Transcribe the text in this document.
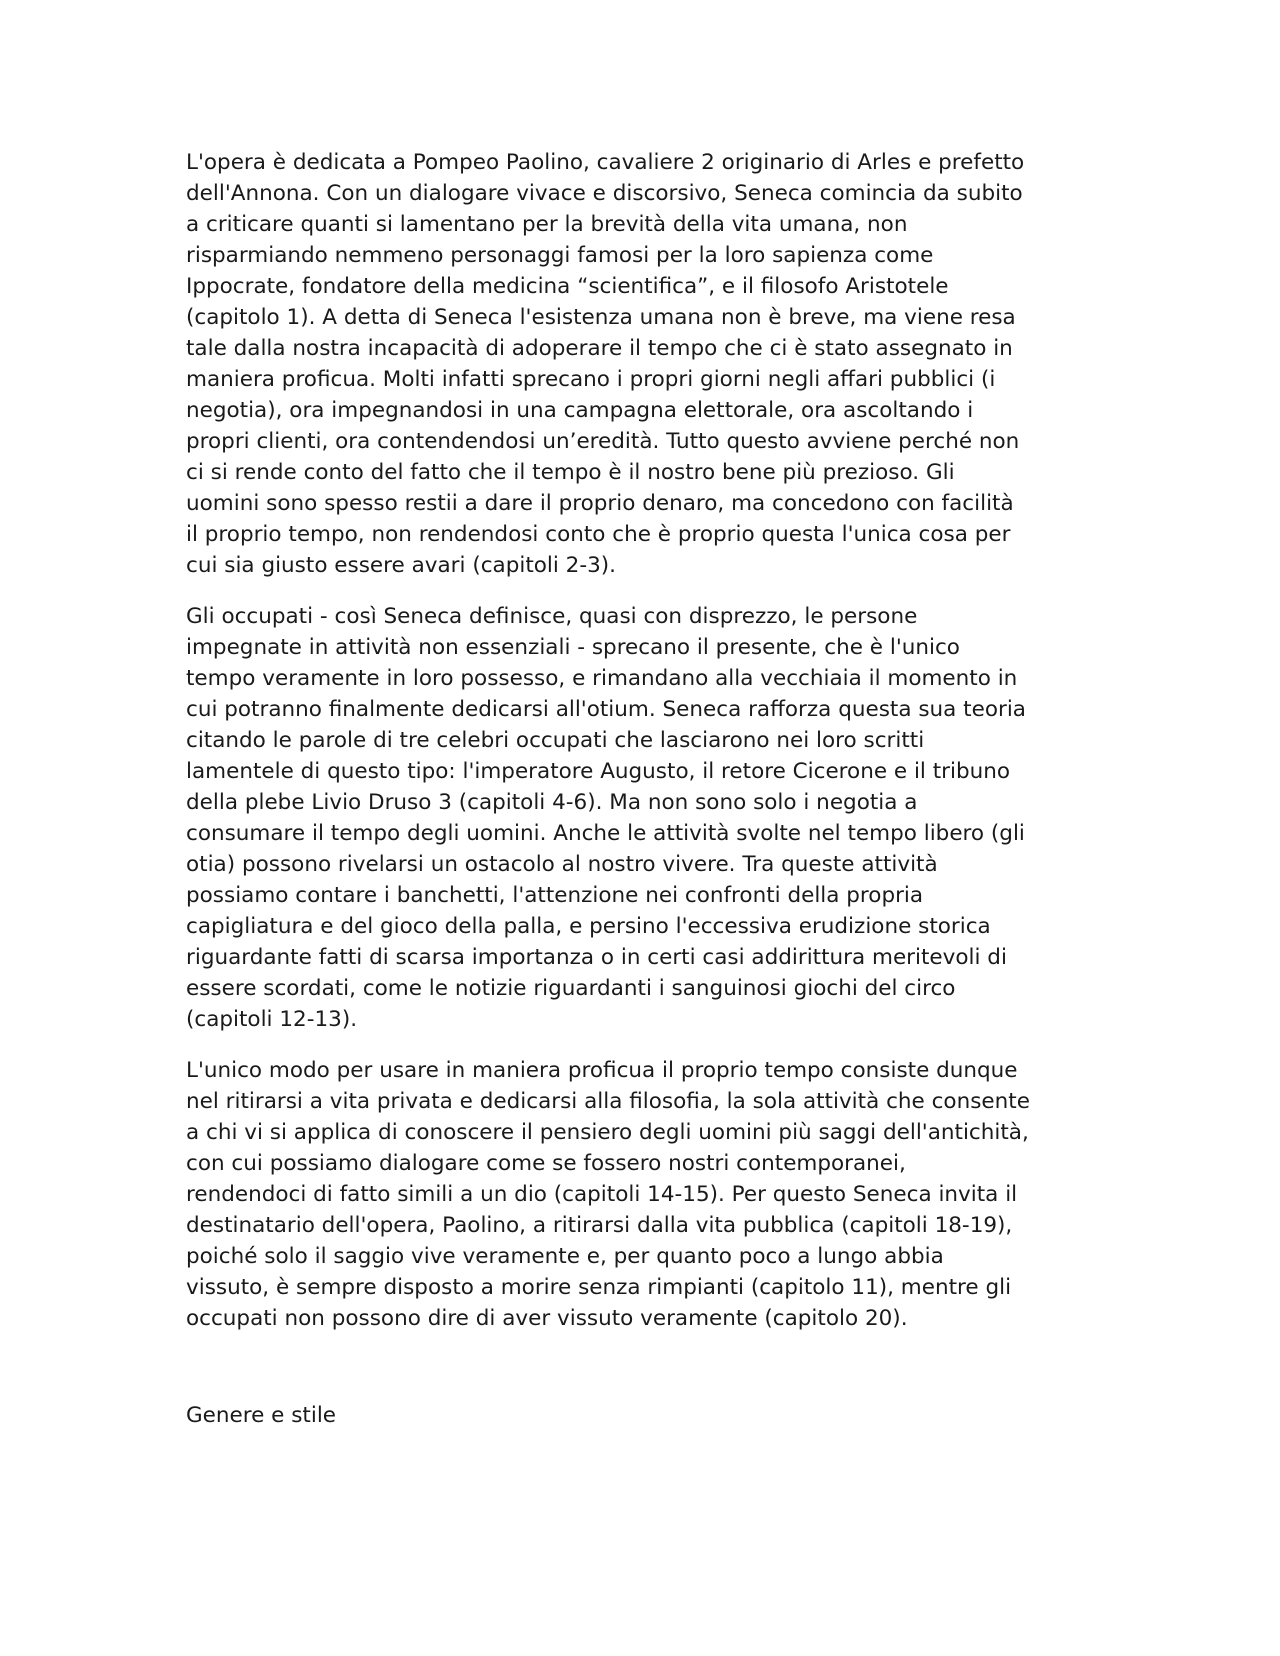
L'opera è dedicata a Pompeo Paolino, cavaliere 2 originario di Arles e prefetto
dell'Annona. Con un dialogare vivace e discorsivo, Seneca comincia da subito
a criticare quanti si lamentano per la brevità della vita umana, non
risparmiando nemmeno personaggi famosi per la loro sapienza come
Ippocrate, fondatore della medicina “scientifica”, e il filosofo Aristotele
(capitolo 1). A detta di Seneca l'esistenza umana non è breve, ma viene resa
tale dalla nostra incapacità di adoperare il tempo che ci è stato assegnato in
maniera proficua. Molti infatti sprecano i propri giorni negli affari pubblici (i
negotia), ora impegnandosi in una campagna elettorale, ora ascoltando i
propri clienti, ora contendendosi un’eredità. Tutto questo avviene perché non
ci si rende conto del fatto che il tempo è il nostro bene più prezioso. Gli
uomini sono spesso restii a dare il proprio denaro, ma concedono con facilità
il proprio tempo, non rendendosi conto che è proprio questa l'unica cosa per
cui sia giusto essere avari (capitoli 2-3).

Gli occupati - così Seneca definisce, quasi con disprezzo, le persone
impegnate in attività non essenziali - sprecano il presente, che è l'unico
tempo veramente in loro possesso, e rimandano alla vecchiaia il momento in
cui potranno finalmente dedicarsi all'otium. Seneca rafforza questa sua teoria
citando le parole di tre celebri occupati che lasciarono nei loro scritti
lamentele di questo tipo: l'imperatore Augusto, il retore Cicerone e il tribuno
della plebe Livio Druso 3 (capitoli 4-6). Ma non sono solo i negotia a
consumare il tempo degli uomini. Anche le attività svolte nel tempo libero (gli
otia) possono rivelarsi un ostacolo al nostro vivere. Tra queste attività
possiamo contare i banchetti, l'attenzione nei confronti della propria
capigliatura e del gioco della palla, e persino l'eccessiva erudizione storica
riguardante fatti di scarsa importanza o in certi casi addirittura meritevoli di
essere scordati, come le notizie riguardanti i sanguinosi giochi del circo
(capitoli 12-13).

L'unico modo per usare in maniera proficua il proprio tempo consiste dunque
nel ritirarsi a vita privata e dedicarsi alla filosofia, la sola attività che consente
a chi vi si applica di conoscere il pensiero degli uomini più saggi dell'antichità,
con cui possiamo dialogare come se fossero nostri contemporanei,
rendendoci di fatto simili a un dio (capitoli 14-15). Per questo Seneca invita il
destinatario dell'opera, Paolino, a ritirarsi dalla vita pubblica (capitoli 18-19),
poiché solo il saggio vive veramente e, per quanto poco a lungo abbia
vissuto, è sempre disposto a morire senza rimpianti (capitolo 11), mentre gli
occupati non possono dire di aver vissuto veramente (capitolo 20).

Genere e stile
